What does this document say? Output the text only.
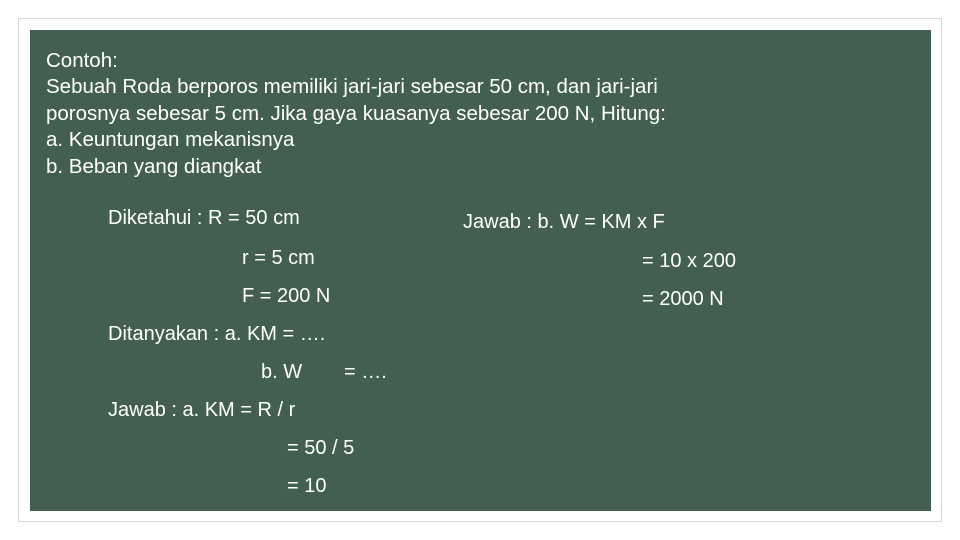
Contoh:
Sebuah Roda berporos memiliki jari-jari sebesar 50 cm, dan jari-jari
porosnya sebesar 5 cm. Jika gaya kuasanya sebesar 200 N, Hitung:
a. Keuntungan mekanisnya
b. Beban yang diangkat
Diketahui : R = 50 cm
r = 5 cm
F = 200 N
Ditanyakan : a. KM = ….
b. W = ….
Jawab : a. KM = R / r
= 50 / 5
= 10
Jawab : b. W = KM x F
= 10 x 200
= 2000 N
